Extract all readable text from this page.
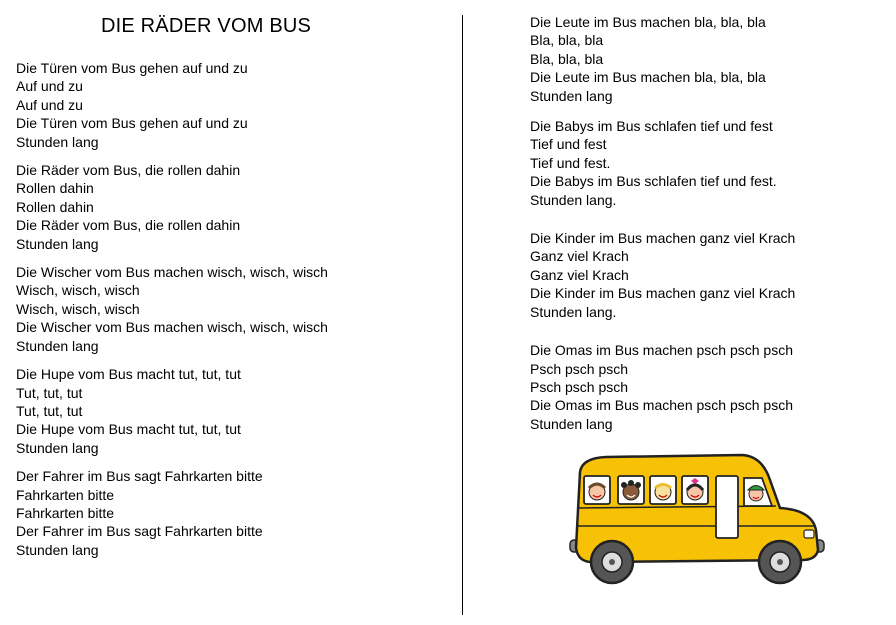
DIE RÄDER VOM BUS
Die Türen vom Bus gehen auf und zu
Auf und zu
Auf und zu
Die Türen vom Bus gehen auf und zu
Stunden lang
Die Räder vom Bus, die rollen dahin
Rollen dahin
Rollen dahin
Die Räder vom Bus, die rollen dahin
Stunden lang
Die Wischer vom Bus machen wisch, wisch, wisch
Wisch, wisch, wisch
Wisch, wisch, wisch
Die Wischer vom Bus machen wisch, wisch, wisch
Stunden lang
Die Hupe vom Bus macht tut, tut, tut
Tut, tut, tut
Tut, tut, tut
Die Hupe vom Bus macht tut, tut, tut
Stunden lang
Der Fahrer im Bus sagt Fahrkarten bitte
Fahrkarten bitte
Fahrkarten bitte
Der Fahrer im Bus sagt Fahrkarten bitte
Stunden lang
Die Leute im Bus machen bla, bla, bla
Bla, bla, bla
Bla, bla, bla
Die Leute im Bus machen bla, bla, bla
Stunden lang
Die Babys im Bus schlafen tief und fest
Tief und fest
Tief und fest.
Die Babys im Bus schlafen tief und fest.
Stunden lang.
Die Kinder im Bus machen ganz viel Krach
Ganz viel Krach
Ganz viel Krach
Die Kinder im Bus machen ganz viel Krach
Stunden lang.
Die Omas im Bus machen psch psch psch
Psch psch psch
Psch psch psch
Die Omas im Bus machen psch psch psch
Stunden lang
